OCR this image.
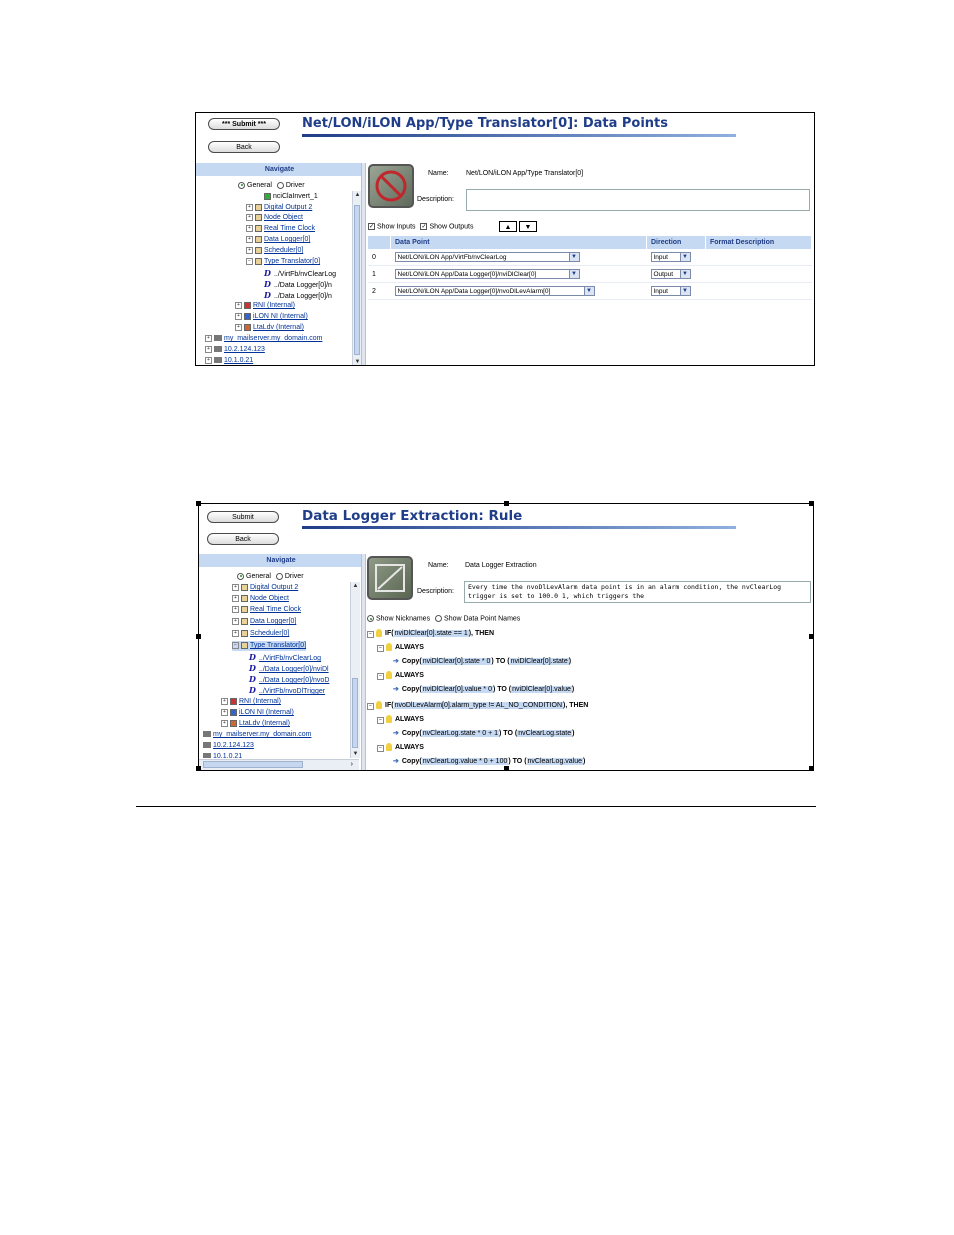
*** Submit ***
Back
Net/LON/iLON App/Type Translator[0]: Data Points
Navigate
General Driver
nciClaInvert_1
+ Digital Output 2
+ Node Object
+ Real Time Clock
+ Data Logger[0]
+ Scheduler[0]
− Type Translator[0]
D ../VirtFb/nvClearLog
D ../Data Logger[0]/n
D ../Data Logger[0]/n
+ RNI (Internal)
+ iLON NI (Internal)
+ LtaLdv (Internal)
+ my_mailserver.my_domain.com
+ 10.2.124.123
+ 10.1.0.21
▲
▼
Name: Net/LON/iLON App/Type Translator[0]
Description:
✓ Show Inputs ✓ Show Outputs	▲	▼
	Data Point	Direction	Format Description
0	Net/LON/iLON App/VirtFb/nvClearLog ▼	Input ▼	

1	Net/LON/iLON App/Data Logger[0]/nviDlClear[0] ▼	Output ▼	

2	Net/LON/iLON App/Data Logger[0]/nvoDlLevAlarm[0] ▼	Input ▼	

Submit
Back
Data Logger Extraction: Rule
Navigate
General Driver
+ Digital Output 2
+ Node Object
+ Real Time Clock
+ Data Logger[0]
+ Scheduler[0]
− Type Translator[0]
D ../VirtFb/nvClearLog
D ../Data Logger[0]/nviDl
D ../Data Logger[0]/nvoD
D ../VirtFb/nvoDlTrigger
+ RNI (Internal)
+ iLON NI (Internal)
+ LtaLdv (Internal)
my_mailserver.my_domain.com
10.2.124.123
10.1.0.21
▲
▼
›
Name: Data Logger Extraction
Description:
Every time the nvoDlLevAlarm data point is in an alarm condition, the nvClearLog trigger is set to 100.0 1, which triggers the
Show Nicknames Show Data Point Names
− IF(nviDlClear[0].state == 1), THEN
− ALWAYS
➔ Copy(nviDlClear[0].state * 0) TO (nviDlClear[0].state)
− ALWAYS
➔ Copy(nviDlClear[0].value * 0) TO (nviDlClear[0].value)
− IF(nvoDlLevAlarm[0].alarm_type != AL_NO_CONDITION), THEN
− ALWAYS
➔ Copy(nvClearLog.state * 0 + 1) TO (nvClearLog.state)
− ALWAYS
➔ Copy(nvClearLog.value * 0 + 100) TO (nvClearLog.value)
